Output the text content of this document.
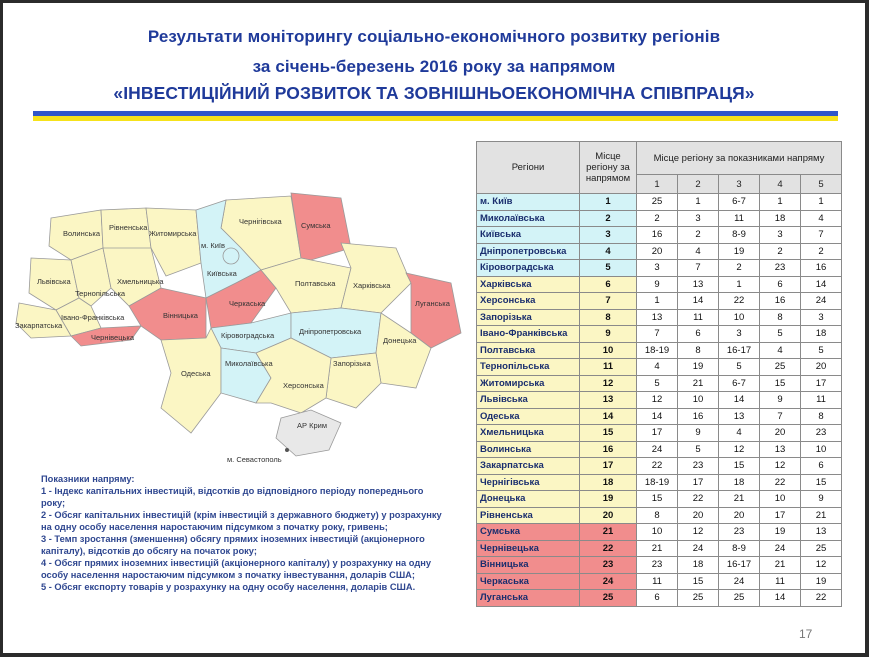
Результати моніторингу соціально-економічного розвитку регіонів
за січень-березень 2016 року за напрямом
«ІНВЕСТИЦІЙНИЙ РОЗВИТОК ТА ЗОВНІШНЬОЕКОНОМІЧНА СПІВПРАЦЯ»
Волинська
Рівненська
Житомирська
Чернігівська	Сумська
м. Київ
Київська
Львівська
Тернопільська
Хмельницька
Івано-Франківська
Закарпатська
Чернівецька
Вінницька
Черкаська
Полтавська Харківська
Луганська
Кіровоградська	Дніпропетровська
Донецька
Миколаївська	Запорізька
Одеська
Херсонська
АР Крим
м. Севастополь
Показники напряму:
1 - Індекс капітальних інвестицій, відсотків до відповідного періоду попереднього року;
2 - Обсяг капітальних інвестицій (крім інвестицій з державного бюджету) у розрахунку на одну особу населення наростаючим підсумком з початку року, гривень;
3 - Темп зростання (зменшення) обсягу прямих іноземних інвестицій (акціонерного капіталу), відсотків до обсягу на початок року;
4 - Обсяг прямих іноземних інвестицій (акціонерного капіталу) у розрахунку на одну особу населення наростаючим підсумком з початку інвестування, доларів США;
5 - Обсяг експорту товарів у розрахунку на одну особу населення, доларів США.
Регіони	Місце регіону за напрямом	Місце регіону за показниками напряму				
		1	2	3	4	5
м. Київ	1	25	1	6-7	1	1
Миколаївська	2	2	3	11	18	4
Київська	3	16	2	8-9	3	7
Дніпропетровська	4	20	4	19	2	2
Кіровоградська	5	3	7	2	23	16
Харківська	6	9	13	1	6	14
Херсонська	7	1	14	22	16	24
Запорізька	8	13	11	10	8	3
Івано-Франківська	9	7	6	3	5	18
Полтавська	10	18-19	8	16-17	4	5
Тернопільська	11	4	19	5	25	20
Житомирська	12	5	21	6-7	15	17
Львівська	13	12	10	14	9	11
Одеська	14	14	16	13	7	8
Хмельницька	15	17	9	4	20	23
Волинська	16	24	5	12	13	10
Закарпатська	17	22	23	15	12	6
Чернігівська	18	18-19	17	18	22	15
Донецька	19	15	22	21	10	9
Рівненська	20	8	20	20	17	21
Сумська	21	10	12	23	19	13
Чернівецька	22	21	24	8-9	24	25
Вінницька	23	23	18	16-17	21	12
Черкаська	24	11	15	24	11	19
Луганська	25	6	25	25	14	22
17
